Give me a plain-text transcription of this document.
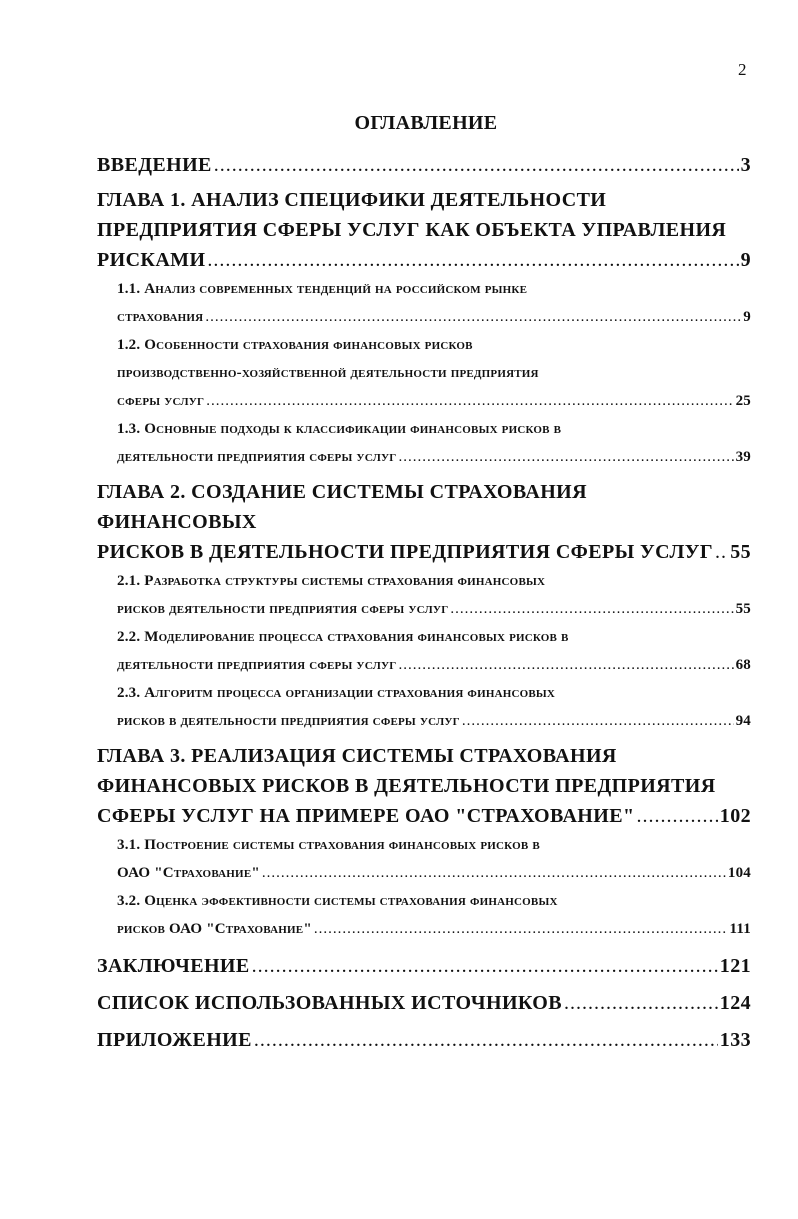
2
ОГЛАВЛЕНИЕ
ВВЕДЕНИЕ .....	3
ГЛАВА 1. АНАЛИЗ СПЕЦИФИКИ ДЕЯТЕЛЬНОСТИ
ПРЕДПРИЯТИЯ СФЕРЫ УСЛУГ КАК ОБЪЕКТА УПРАВЛЕНИЯ
РИСКАМИ .....	9
1.1. Анализ современных тенденций на российском рынке
страхования .....	9
1.2. Особенности страхования финансовых рисков
производственно-хозяйственной деятельности предприятия
сферы услуг .....	25
1.3. Основные подходы к классификации финансовых рисков в
деятельности предприятия сферы услуг .....	39
ГЛАВА 2. СОЗДАНИЕ СИСТЕМЫ СТРАХОВАНИЯ ФИНАНСОВЫХ
РИСКОВ В ДЕЯТЕЛЬНОСТИ ПРЕДПРИЯТИЯ СФЕРЫ УСЛУГ ..... 55
2.1. Разработка структуры системы страхования финансовых
рисков деятельности предприятия сферы услуг .....	55
2.2. Моделирование процесса страхования финансовых рисков в
деятельности предприятия сферы услуг .....	68
2.3. Алгоритм процесса организации страхования финансовых
рисков в деятельности предприятия сферы услуг .....	94
ГЛАВА 3. РЕАЛИЗАЦИЯ СИСТЕМЫ СТРАХОВАНИЯ
ФИНАНСОВЫХ РИСКОВ В ДЕЯТЕЛЬНОСТИ ПРЕДПРИЯТИЯ
СФЕРЫ УСЛУГ НА ПРИМЕРЕ ОАО "СТРАХОВАНИЕ" .....	102
3.1. Построение системы страхования финансовых рисков в
ОАО "Страхование" .....	104
3.2. Оценка эффективности системы страхования финансовых
рисков ОАО "Страхование" .....	111
ЗАКЛЮЧЕНИЕ .....	121
СПИСОК ИСПОЛЬЗОВАННЫХ ИСТОЧНИКОВ .....	124
ПРИЛОЖЕНИЕ .....	133
